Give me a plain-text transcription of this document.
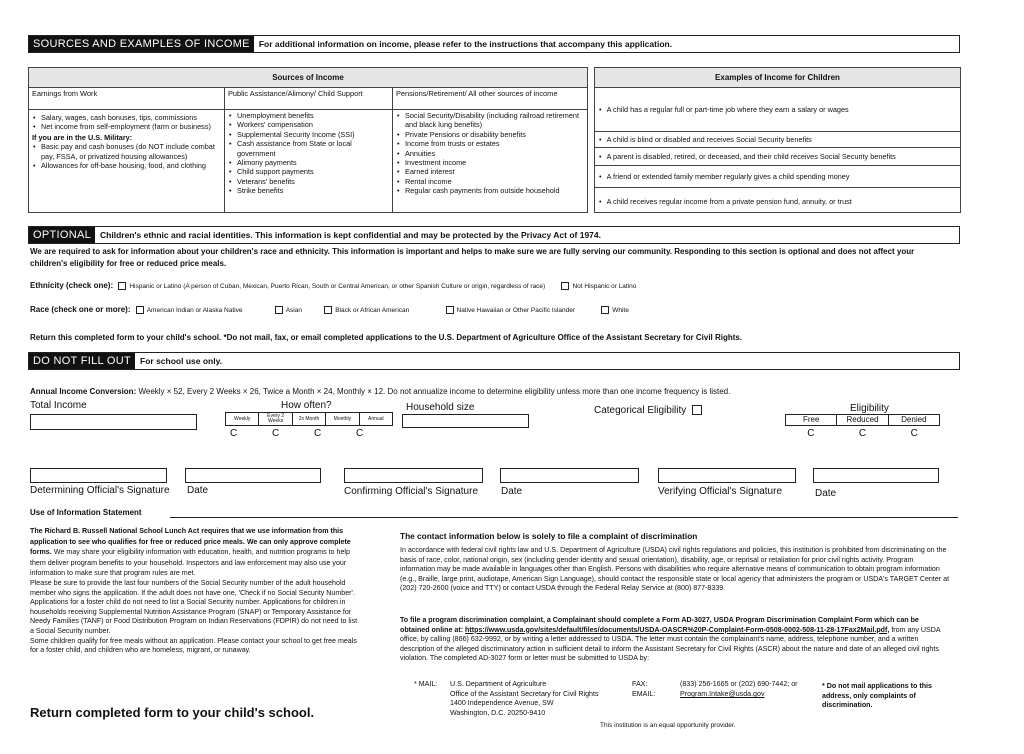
SOURCES AND EXAMPLES OF INCOME	For additional information on income, please refer to the instructions that accompany this application.
Sources of Income
Earnings from Work
• Salary, wages, cash bonuses, tips, commissions
• Net income from self-employment (farm or business)
If you are in the U.S. Military:
• Basic pay and cash bonuses (do NOT include combat pay, FSSA, or privatized housing allowances)
• Allowances for off-base housing, food, and clothing
Public Assistance/Alimony/ Child Support
• Unemployment benefits
• Workers' compensation
• Supplemental Security Income (SSI)
• Cash assistance from State or local government
• Alimony payments
• Child support payments
• Veterans' benefits
• Strike benefits
Pensions/Retirement/ All other sources of income
• Social Security/Disability (including railroad retirement and black lung benefits)
• Private Pensions or disability benefits
• Income from trusts or estates
• Annuities
• Investment income
• Earned interest
• Rental income
• Regular cash payments from outside household
Examples of Income for Children
• A child has a regular full or part-time job where they earn a salary or wages
• A child is blind or disabled and receives Social Security benefits
• A parent is disabled, retired, or deceased, and their child receives Social Security benefits
• A friend or extended family member regularly gives a child spending money
• A child receives regular income from a private pension fund, annuity, or trust
OPTIONAL	Children's ethnic and racial identities. This information is kept confidential and may be protected by the Privacy Act of 1974.
We are required to ask for information about your children's race and ethnicity. This information is important and helps to make sure we are fully serving our community. Responding to this section is optional and does not affect your children's eligibility for free or reduced price meals.
Ethnicity (check one): Hispanic or Latino (A person of Cuban, Mexican, Puerto Rican, South or Central American, or other Spanish Culture or origin, regardless of race)	Not Hispanic or Latino
Race (check one or more): American Indian or Alaska Native	Asian	Black or African American	Native Hawaiian or Other Pacific Islander	White
Return this completed form to your child's school. *Do not mail, fax, or email completed applications to the U.S. Department of Agriculture Office of the Assistant Secretary for Civil Rights.
DO NOT FILL OUT	For school use only.
Annual Income Conversion: Weekly × 52, Every 2 Weeks × 26, Twice a Month × 24, Monthly × 12. Do not annualize income to determine eligibility unless more than one income frequency is listed.
Total Income	How often?
Weekly	Every 2 Weeks	2x Month	Monthly	Annual
C	C	C	C
Household size	Categorical Eligibility	Eligibility
Free	Reduced	Denied
C	C	C
Determining Official's Signature Date	Confirming Official's Signature Date	Verifying Official's Signature	Date
Use of Information Statement
The Richard B. Russell National School Lunch Act requires that we use information from this application to see who qualifies for free or reduced price meals. We can only approve complete forms. We may share your eligibility information with education, health, and nutrition programs to help them deliver program benefits to your household. Inspectors and law enforcement may also use your information to make sure that program rules are met.
Please be sure to provide the last four numbers of the Social Security number of the adult household member who signs the application. If the adult does not have one, 'Check if no Social Security Number'. Applications for a foster child do not need to list a Social Security number. Applications for children in households receiving Supplemental Nutrition Assistance Program (SNAP) or Temporary Assistance for Needy Families (TANF) or Food Distribution Program on Indian Reservations (FDPIR) do not need to list a Social Security number.
Some children qualify for free meals without an application. Please contact your school to get free meals for a foster child, and children who are homeless, migrant, or runaway.
Return completed form to your child's school.
The contact information below is solely to file a complaint of discrimination
In accordance with federal civil rights law and U.S. Department of Agriculture (USDA) civil rights regulations and policies, this institution is prohibited from discriminating on the basis of race, color, national origin, sex (including gender identity and sexual orientation), disability, age, or reprisal or retaliation for prior civil rights activity. Program information may be made available in languages other than English. Persons with disabilities who require alternative means of communication to obtain program information (e.g., Braille, large print, audiotape, American Sign Language), should contact the responsible state or local agency that administers the program or USDA's TARGET Center at (202) 720-2600 (voice and TTY) or contact USDA through the Federal Relay Service at (800) 877-8339.
To file a program discrimination complaint, a Complainant should complete a Form AD-3027, USDA Program Discrimination Complaint Form which can be obtained online at: https://www.usda.gov/sites/default/files/documents/USDA-OASCR%20P-Complaint-Form-0508-0002-508-11-28-17Fax2Mail.pdf, from any USDA office, by calling (866) 632-9992, or by writing a letter addressed to USDA. The letter must contain the complainant's name, address, telephone number, and a written description of the alleged discriminatory action in sufficient detail to inform the Assistant Secretary for Civil Rights (ASCR) about the nature and date of an alleged civil rights violation. The completed AD-3027 form or letter must be submitted to USDA by:
* MAIL: U.S. Department of Agriculture
Office of the Assistant Secretary for Civil Rights
1400 Independence Avenue, SW
Washington, D.C. 20250-9410
FAX:	(833) 256-1665 or (202) 690-7442; or
EMAIL:	Program.Intake@usda.gov
* Do not mail applications to this address, only complaints of discrimination.
This institution is an equal opportunity provider.
